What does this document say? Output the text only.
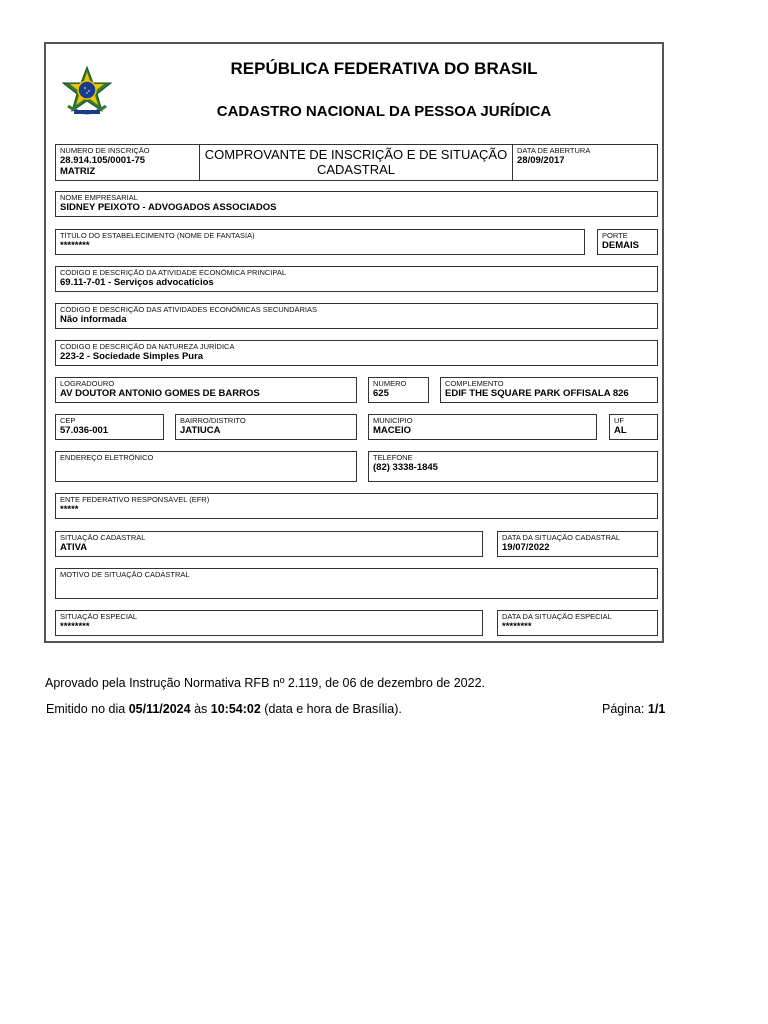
REPÚBLICA FEDERATIVA DO BRASIL
CADASTRO NACIONAL DA PESSOA JURÍDICA
NÚMERO DE INSCRIÇÃO
28.914.105/0001-75
MATRIZ
COMPROVANTE DE INSCRIÇÃO E DE SITUAÇÃO CADASTRAL
DATA DE ABERTURA
28/09/2017
NOME EMPRESARIAL
SIDNEY PEIXOTO - ADVOGADOS ASSOCIADOS
TÍTULO DO ESTABELECIMENTO (NOME DE FANTASIA)
********
PORTE
DEMAIS
CÓDIGO E DESCRIÇÃO DA ATIVIDADE ECONÔMICA PRINCIPAL
69.11-7-01 - Serviços advocatícios
CÓDIGO E DESCRIÇÃO DAS ATIVIDADES ECONÔMICAS SECUNDÁRIAS
Não informada
CÓDIGO E DESCRIÇÃO DA NATUREZA JURÍDICA
223-2 - Sociedade Simples Pura
LOGRADOURO
AV DOUTOR ANTONIO GOMES DE BARROS
NÚMERO
625
COMPLEMENTO
EDIF THE SQUARE PARK OFFISALA 826
CEP
57.036-001
BAIRRO/DISTRITO
JATIUCA
MUNICÍPIO
MACEIO
UF
AL
ENDEREÇO ELETRÔNICO	TELEFONE
(82) 3338-1845
ENTE FEDERATIVO RESPONSÁVEL (EFR)
*****
SITUAÇÃO CADASTRAL
ATIVA
DATA DA SITUAÇÃO CADASTRAL
19/07/2022
MOTIVO DE SITUAÇÃO CADASTRAL
SITUAÇÃO ESPECIAL
********
DATA DA SITUAÇÃO ESPECIAL
********
Aprovado pela Instrução Normativa RFB nº 2.119, de 06 de dezembro de 2022.
Emitido no dia 05/11/2024 às 10:54:02 (data e hora de Brasília).	Página: 1/1
